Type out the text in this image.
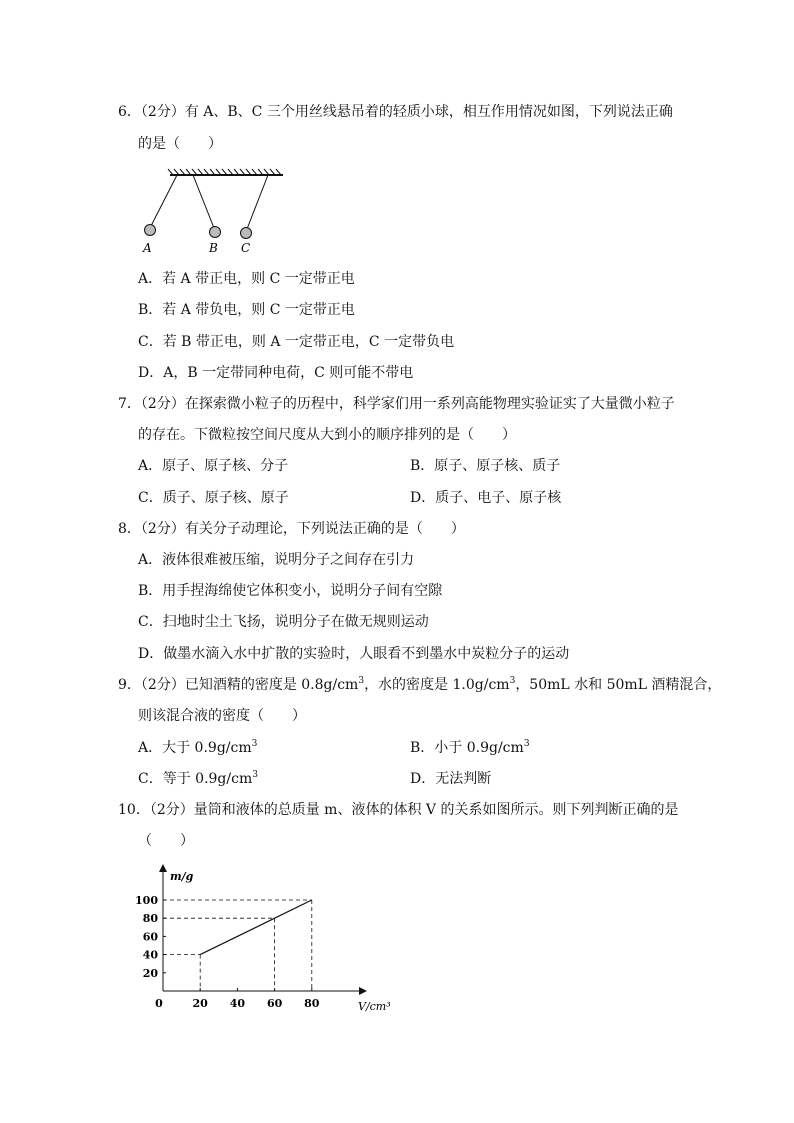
6．（2分）有 A、B、C 三个用丝线悬吊着的轻质小球，相互作用情况如图，下列说法正确
的是（　　）
A	B C
A．若 A 带正电，则 C 一定带正电
B．若 A 带负电，则 C 一定带正电
C．若 B 带正电，则 A 一定带正电，C 一定带负电
D．A，B 一定带同种电荷，C 则可能不带电
7．（2分）在探索微小粒子的历程中，科学家们用一系列高能物理实验证实了大量微小粒子
的存在。下微粒按空间尺度从大到小的顺序排列的是（　　）
A．原子、原子核、分子	B．原子、原子核、质子
C．质子、原子核、原子	D．质子、电子、原子核
8．（2分）有关分子动理论，下列说法正确的是（　　）
A．液体很难被压缩，说明分子之间存在引力
B．用手捏海绵使它体积变小，说明分子间有空隙
C．扫地时尘土飞扬，说明分子在做无规则运动
D．做墨水滴入水中扩散的实验时，人眼看不到墨水中炭粒分子的运动
9．（2分）已知酒精的密度是 $0.8g/cm^3$，水的密度是 $1.0g/cm^3$，50mL 水和 50mL 酒精混合，
则该混合液的密度（　　）
A．大于 $0.9g/cm^3$	B．小于 $0.9g/cm^3$
C．等于 $0.9g/cm^3$	D．无法判断
10．（2分）量筒和液体的总质量 m、液体的体积 V 的关系如图所示。则下列判断正确的是
（　　）
0	20 40 60 80
20
40
60
80
100
m/g
V/cm³
